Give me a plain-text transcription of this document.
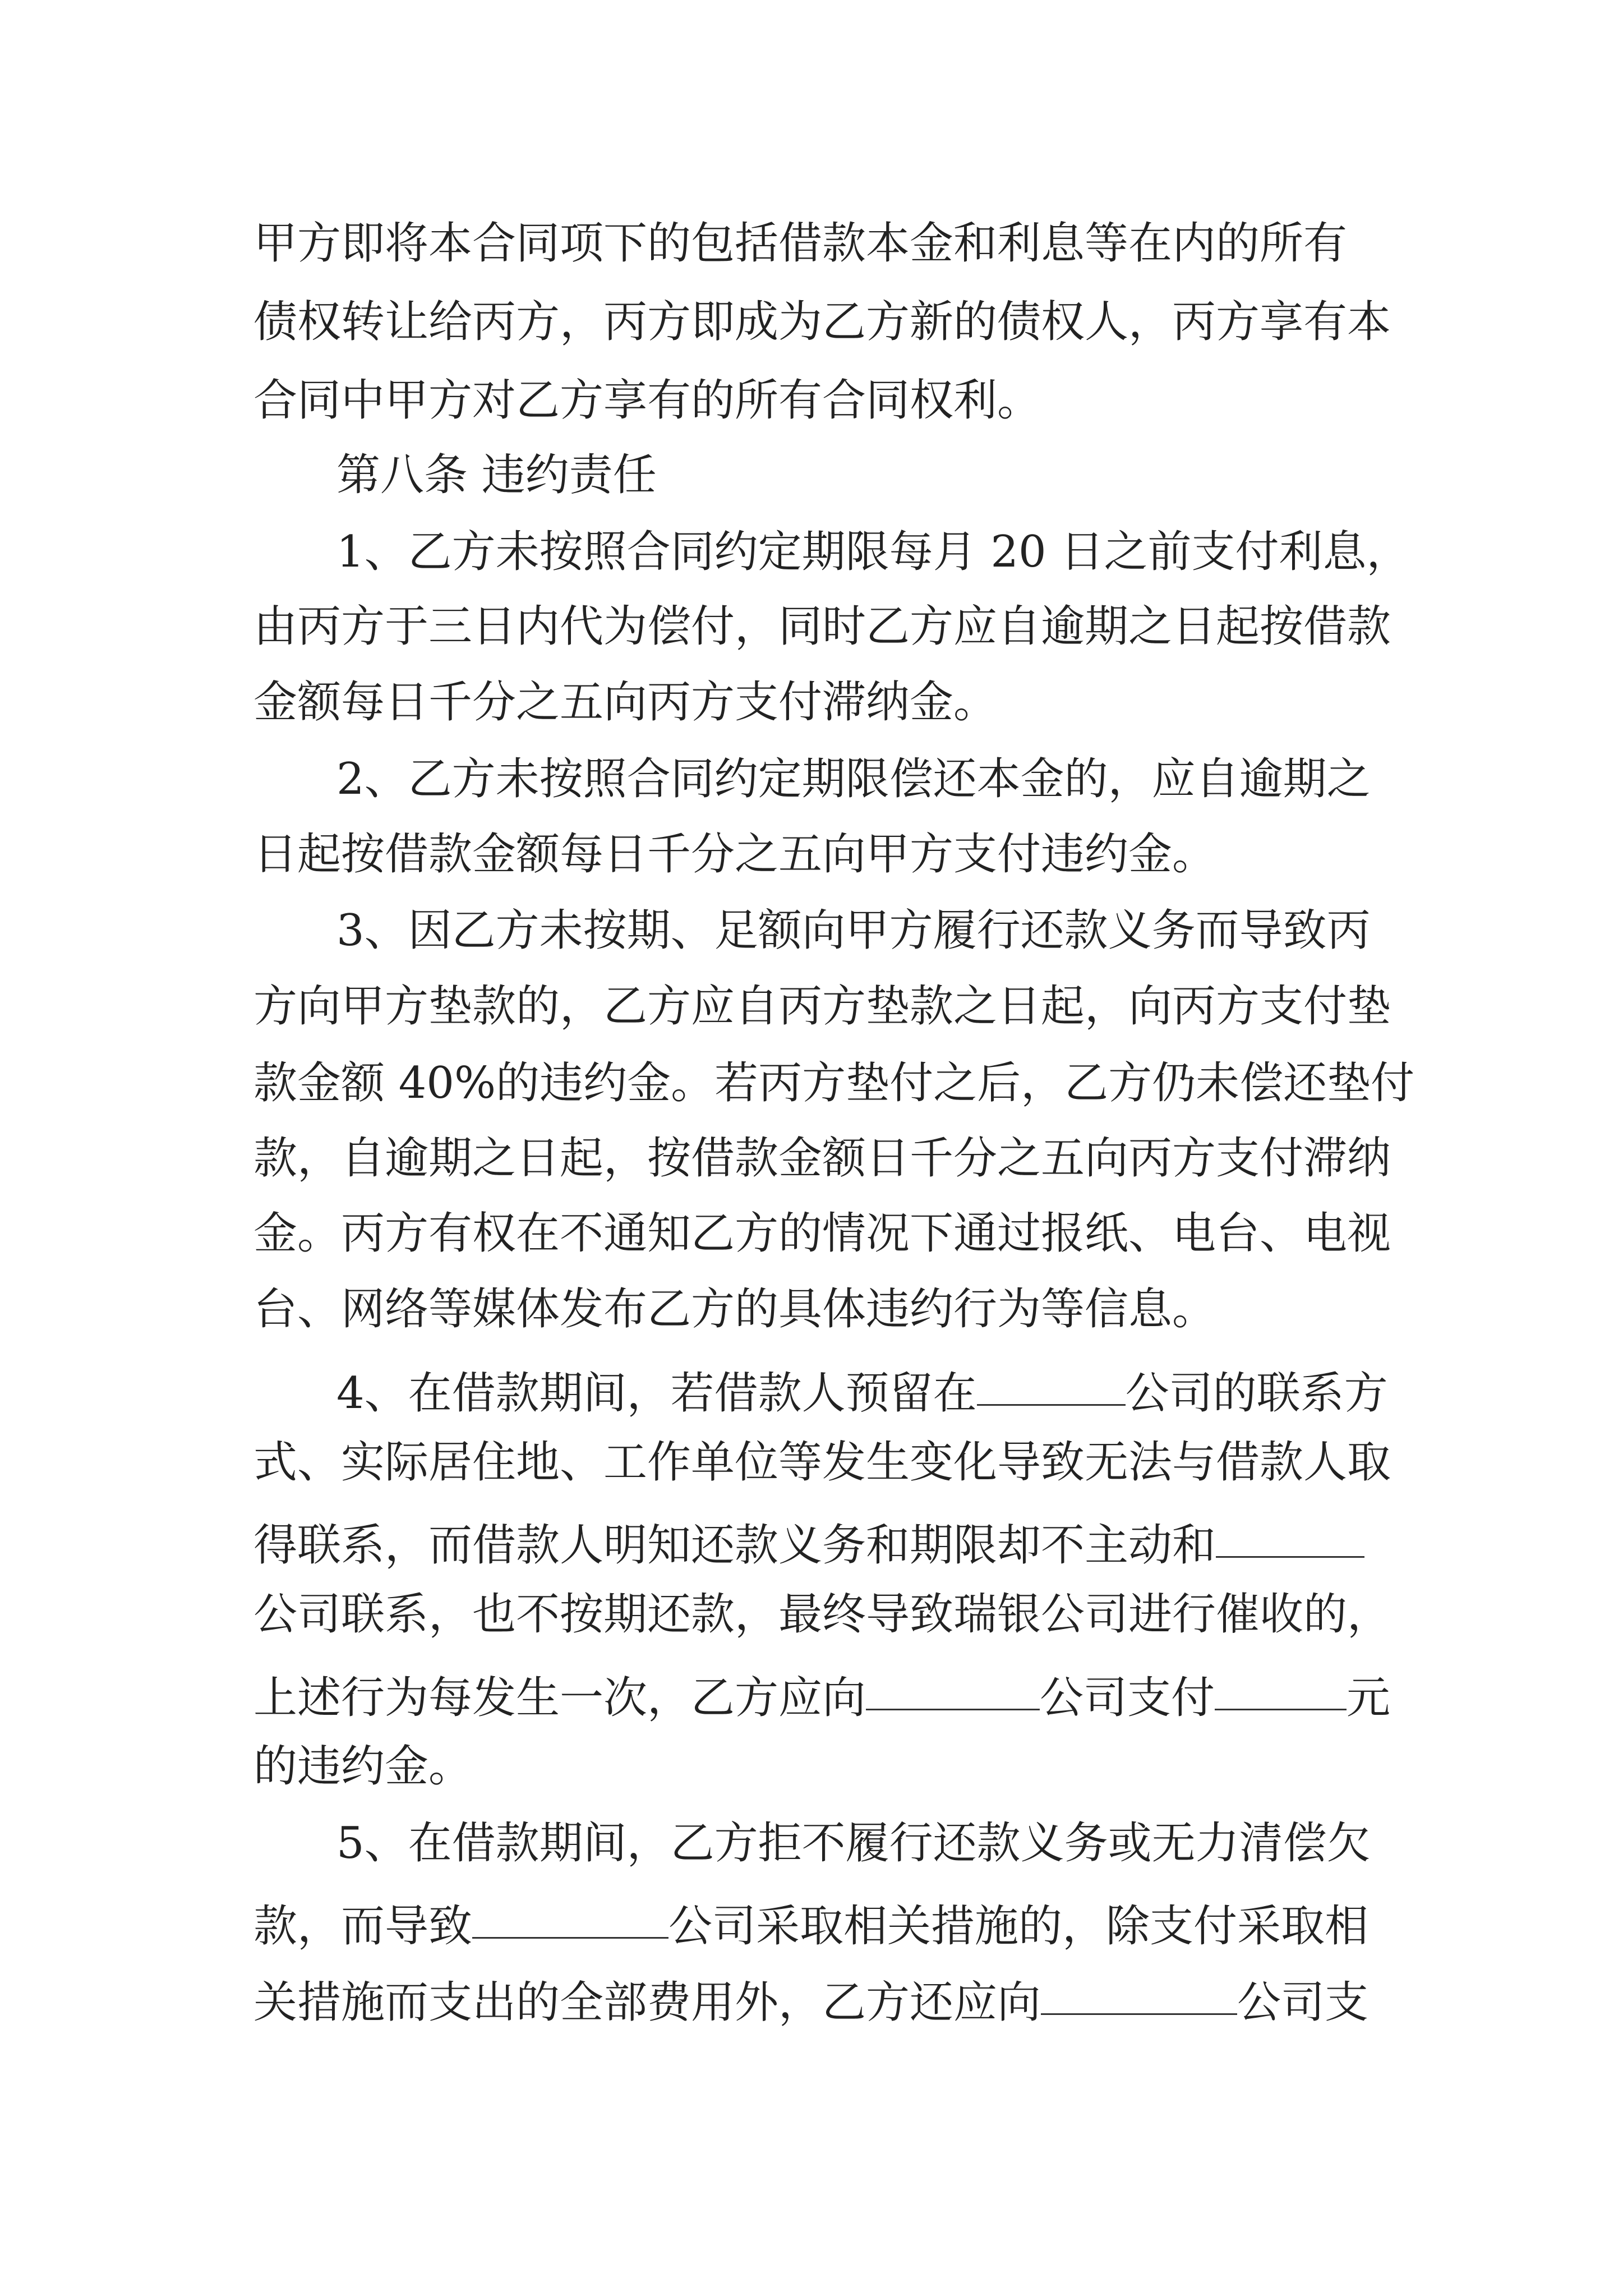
甲方即将本合同项下的包括借款本金和利息等在内的所有
债权转让给丙方，丙方即成为乙方新的债权人，丙方享有本
合同中甲方对乙方享有的所有合同权利。
第八条 违约责任
1、乙方未按照合同约定期限每月 20 日之前支付利息，
由丙方于三日内代为偿付，同时乙方应自逾期之日起按借款
金额每日千分之五向丙方支付滞纳金。
2、乙方未按照合同约定期限偿还本金的，应自逾期之
日起按借款金额每日千分之五向甲方支付违约金。
3、因乙方未按期、足额向甲方履行还款义务而导致丙
方向甲方垫款的，乙方应自丙方垫款之日起，向丙方支付垫
款金额 40%的违约金。若丙方垫付之后，乙方仍未偿还垫付
款，自逾期之日起，按借款金额日千分之五向丙方支付滞纳
金。丙方有权在不通知乙方的情况下通过报纸、电台、电视
台、网络等媒体发布乙方的具体违约行为等信息。
4、在借款期间，若借款人预留在	公司的联系方
式、实际居住地、工作单位等发生变化导致无法与借款人取
得联系，而借款人明知还款义务和期限却不主动和
公司联系，也不按期还款，最终导致瑞银公司进行催收的，
上述行为每发生一次，乙方应向	公司支付	元
的违约金。
5、在借款期间，乙方拒不履行还款义务或无力清偿欠
款，而导致	公司采取相关措施的，除支付采取相
关措施而支出的全部费用外，乙方还应向	公司支
